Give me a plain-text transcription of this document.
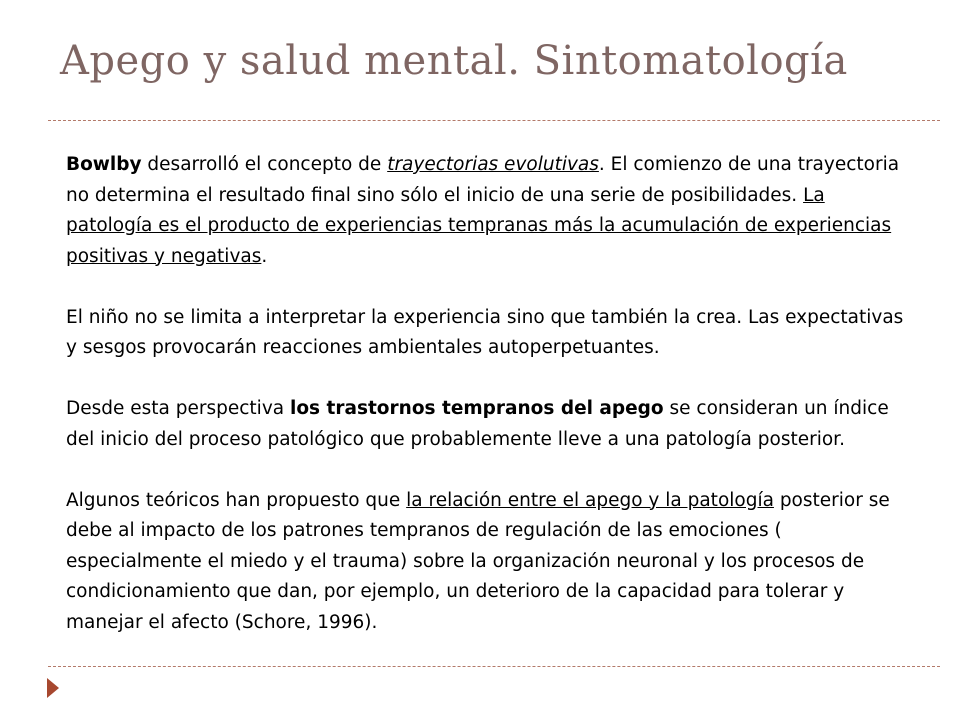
Apego y salud mental. Sintomatología

Bowlby desarrolló el concepto de trayectorias evolutivas. El comienzo de una trayectoria no determina el resultado final sino sólo el inicio de una serie de posibilidades. La patología es el producto de experiencias tempranas más la acumulación de experiencias positivas y negativas.

El niño no se limita a interpretar la experiencia sino que también la crea. Las expectativas y sesgos provocarán reacciones ambientales autoperpetuantes.

Desde esta perspectiva los trastornos tempranos del apego se consideran un índice del inicio del proceso patológico que probablemente lleve a una patología posterior.

Algunos teóricos han propuesto que la relación entre el apego y la patología posterior se debe al impacto de los patrones tempranos de regulación de las emociones ( especialmente el miedo y el trauma) sobre la organización neuronal y los procesos de condicionamiento que dan, por ejemplo, un deterioro de la capacidad para tolerar y manejar el afecto (Schore, 1996).
